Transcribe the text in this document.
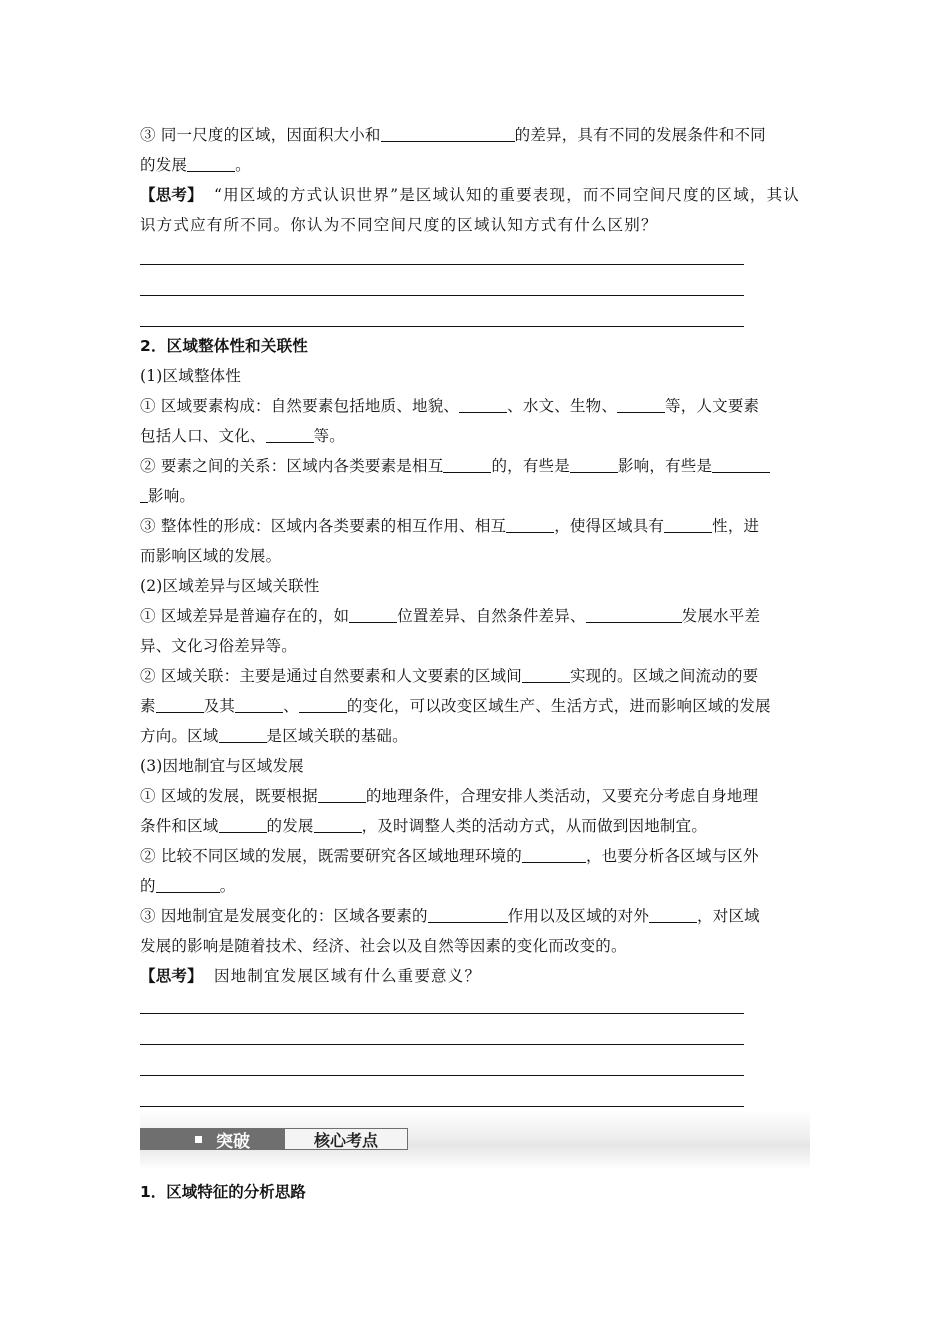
③ 同一尺度的区域，因面积大小和	的差异，具有不同的发展条件和不同
的发展	。
【思考】 “用区域的方式认识世界”是区域认知的重要表现，而不同空间尺度的区域，其认
识方式应有所不同。你认为不同空间尺度的区域认知方式有什么区别？
2．区域整体性和关联性
(1)区域整体性
① 区域要素构成：自然要素包括地质、地貌、	、水文、生物、	等，人文要素
包括人口、文化、	等。
② 要素之间的关系：区域内各类要素是相互	的，有些是	影响，有些是
影响。
③ 整体性的形成：区域内各类要素的相互作用、相互	，使得区域具有	性，进
而影响区域的发展。
(2)区域差异与区域关联性
① 区域差异是普遍存在的，如	位置差异、自然条件差异、	发展水平差
异、文化习俗差异等。
② 区域关联：主要是通过自然要素和人文要素的区域间	实现的。区域之间流动的要
素	及其	、	的变化，可以改变区域生产、生活方式，进而影响区域的发展
方向。区域	是区域关联的基础。
(3)因地制宜与区域发展
① 区域的发展，既要根据	的地理条件，合理安排人类活动，又要充分考虑自身地理
条件和区域	的发展	，及时调整人类的活动方式，从而做到因地制宜。
② 比较不同区域的发展，既需要研究各区域地理环境的	，也要分析各区域与区外
的	。
③ 因地制宜是发展变化的：区域各要素的	作用以及区域的对外	，对区域
发展的影响是随着技术、经济、社会以及自然等因素的变化而改变的。
【思考】 因地制宜发展区域有什么重要意义？
突破	核心考点
1．区域特征的分析思路
